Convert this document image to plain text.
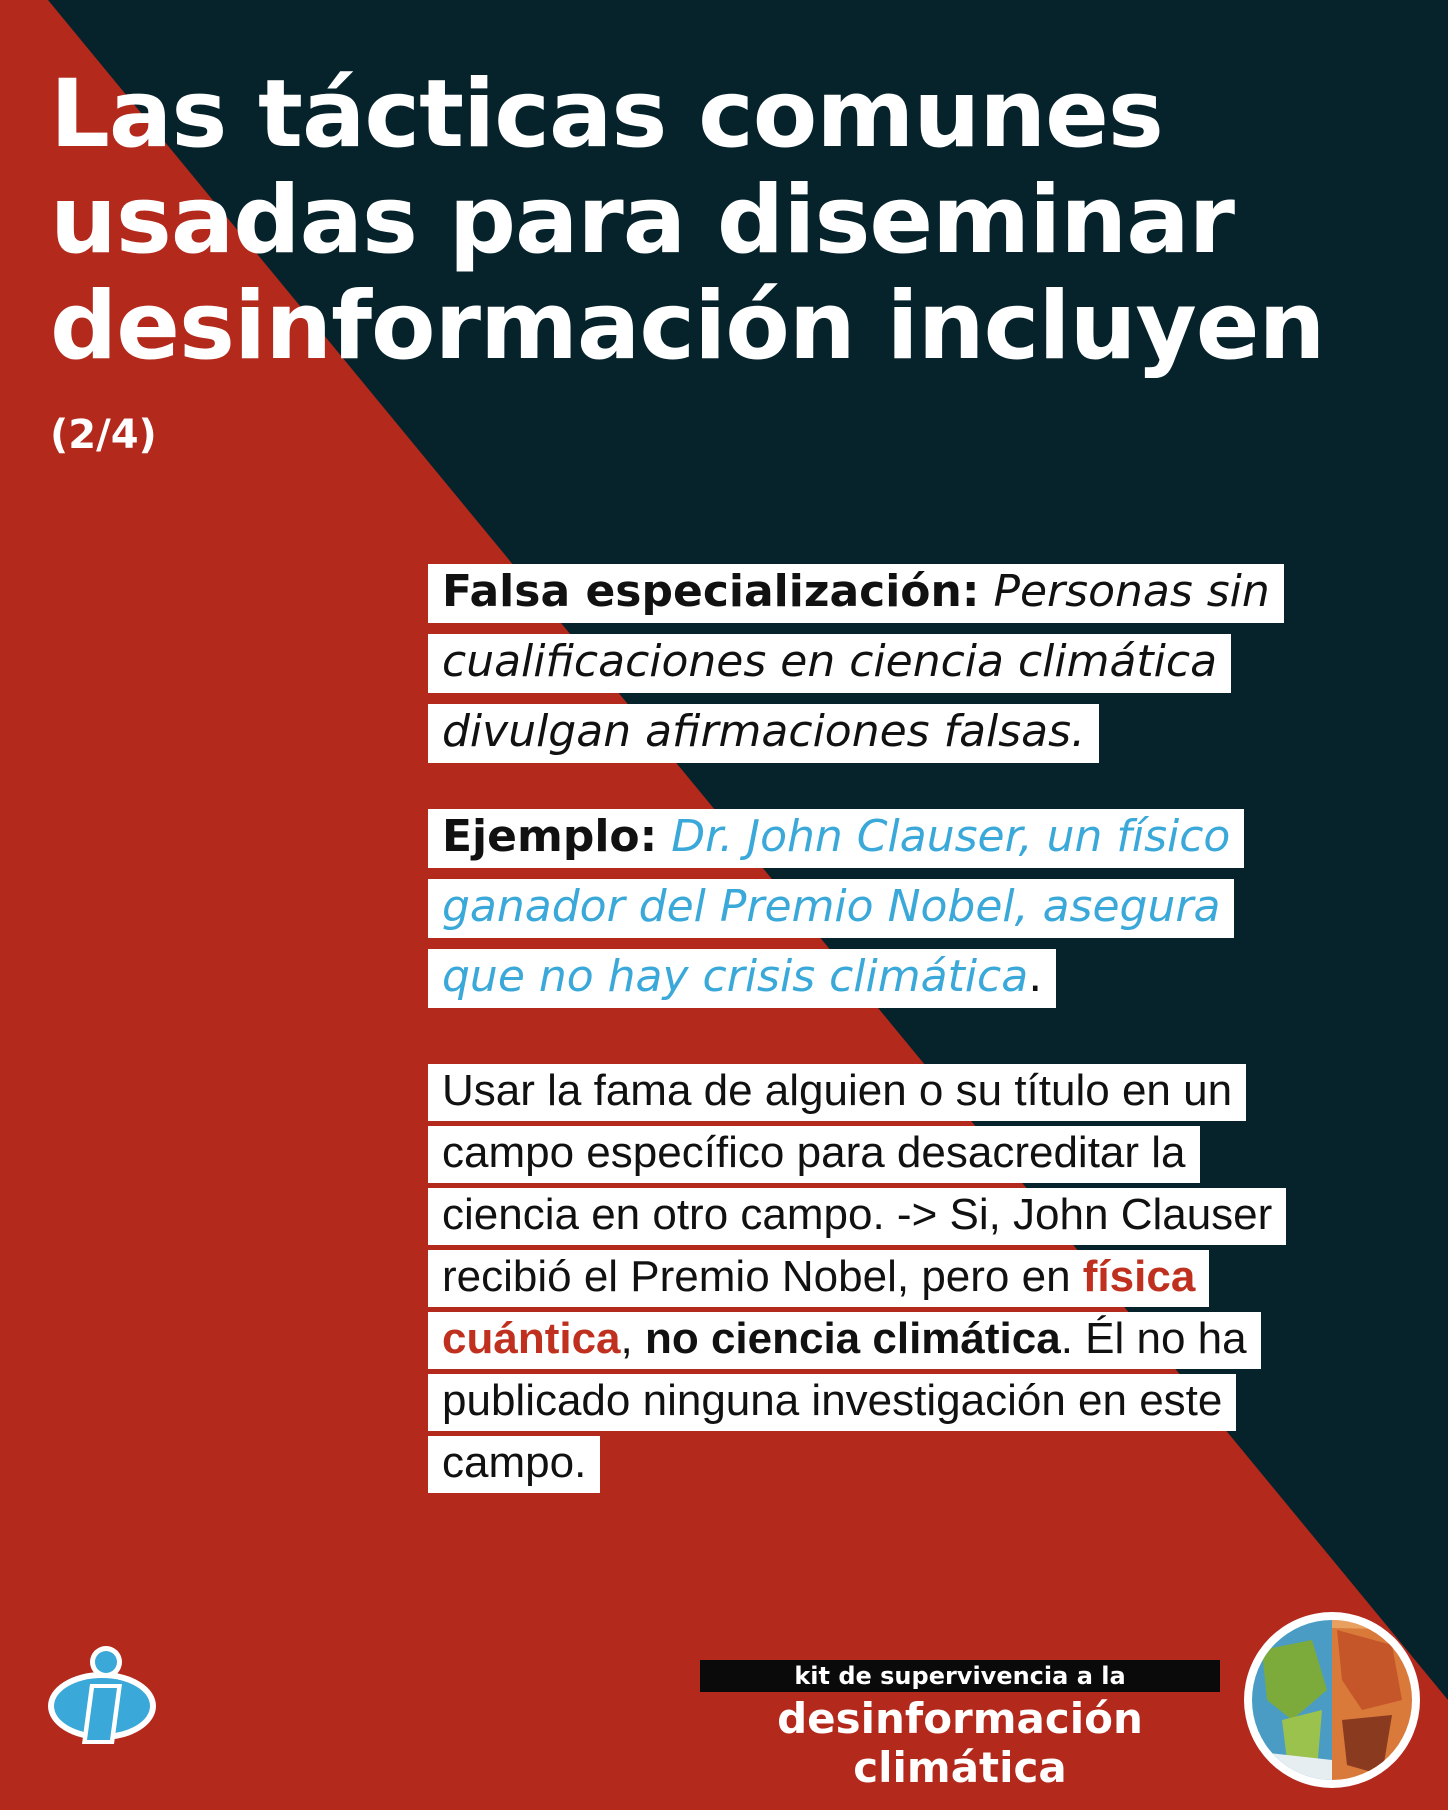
Las tácticas comunes
usadas para diseminar
desinformación incluyen
(2/4)
Falsa especialización: Personas sin cualificaciones en ciencia climática divulgan afirmaciones falsas.
Ejemplo: Dr. John Clauser, un físico ganador del Premio Nobel, asegura que no hay crisis climática.
Usar la fama de alguien o su título en un campo específico para desacreditar la ciencia en otro campo. -> Si, John Clauser recibió el Premio Nobel, pero en física cuántica, no ciencia climática. Él no ha publicado ninguna investigación en este campo.
kit de supervivencia a la
desinformación climática
